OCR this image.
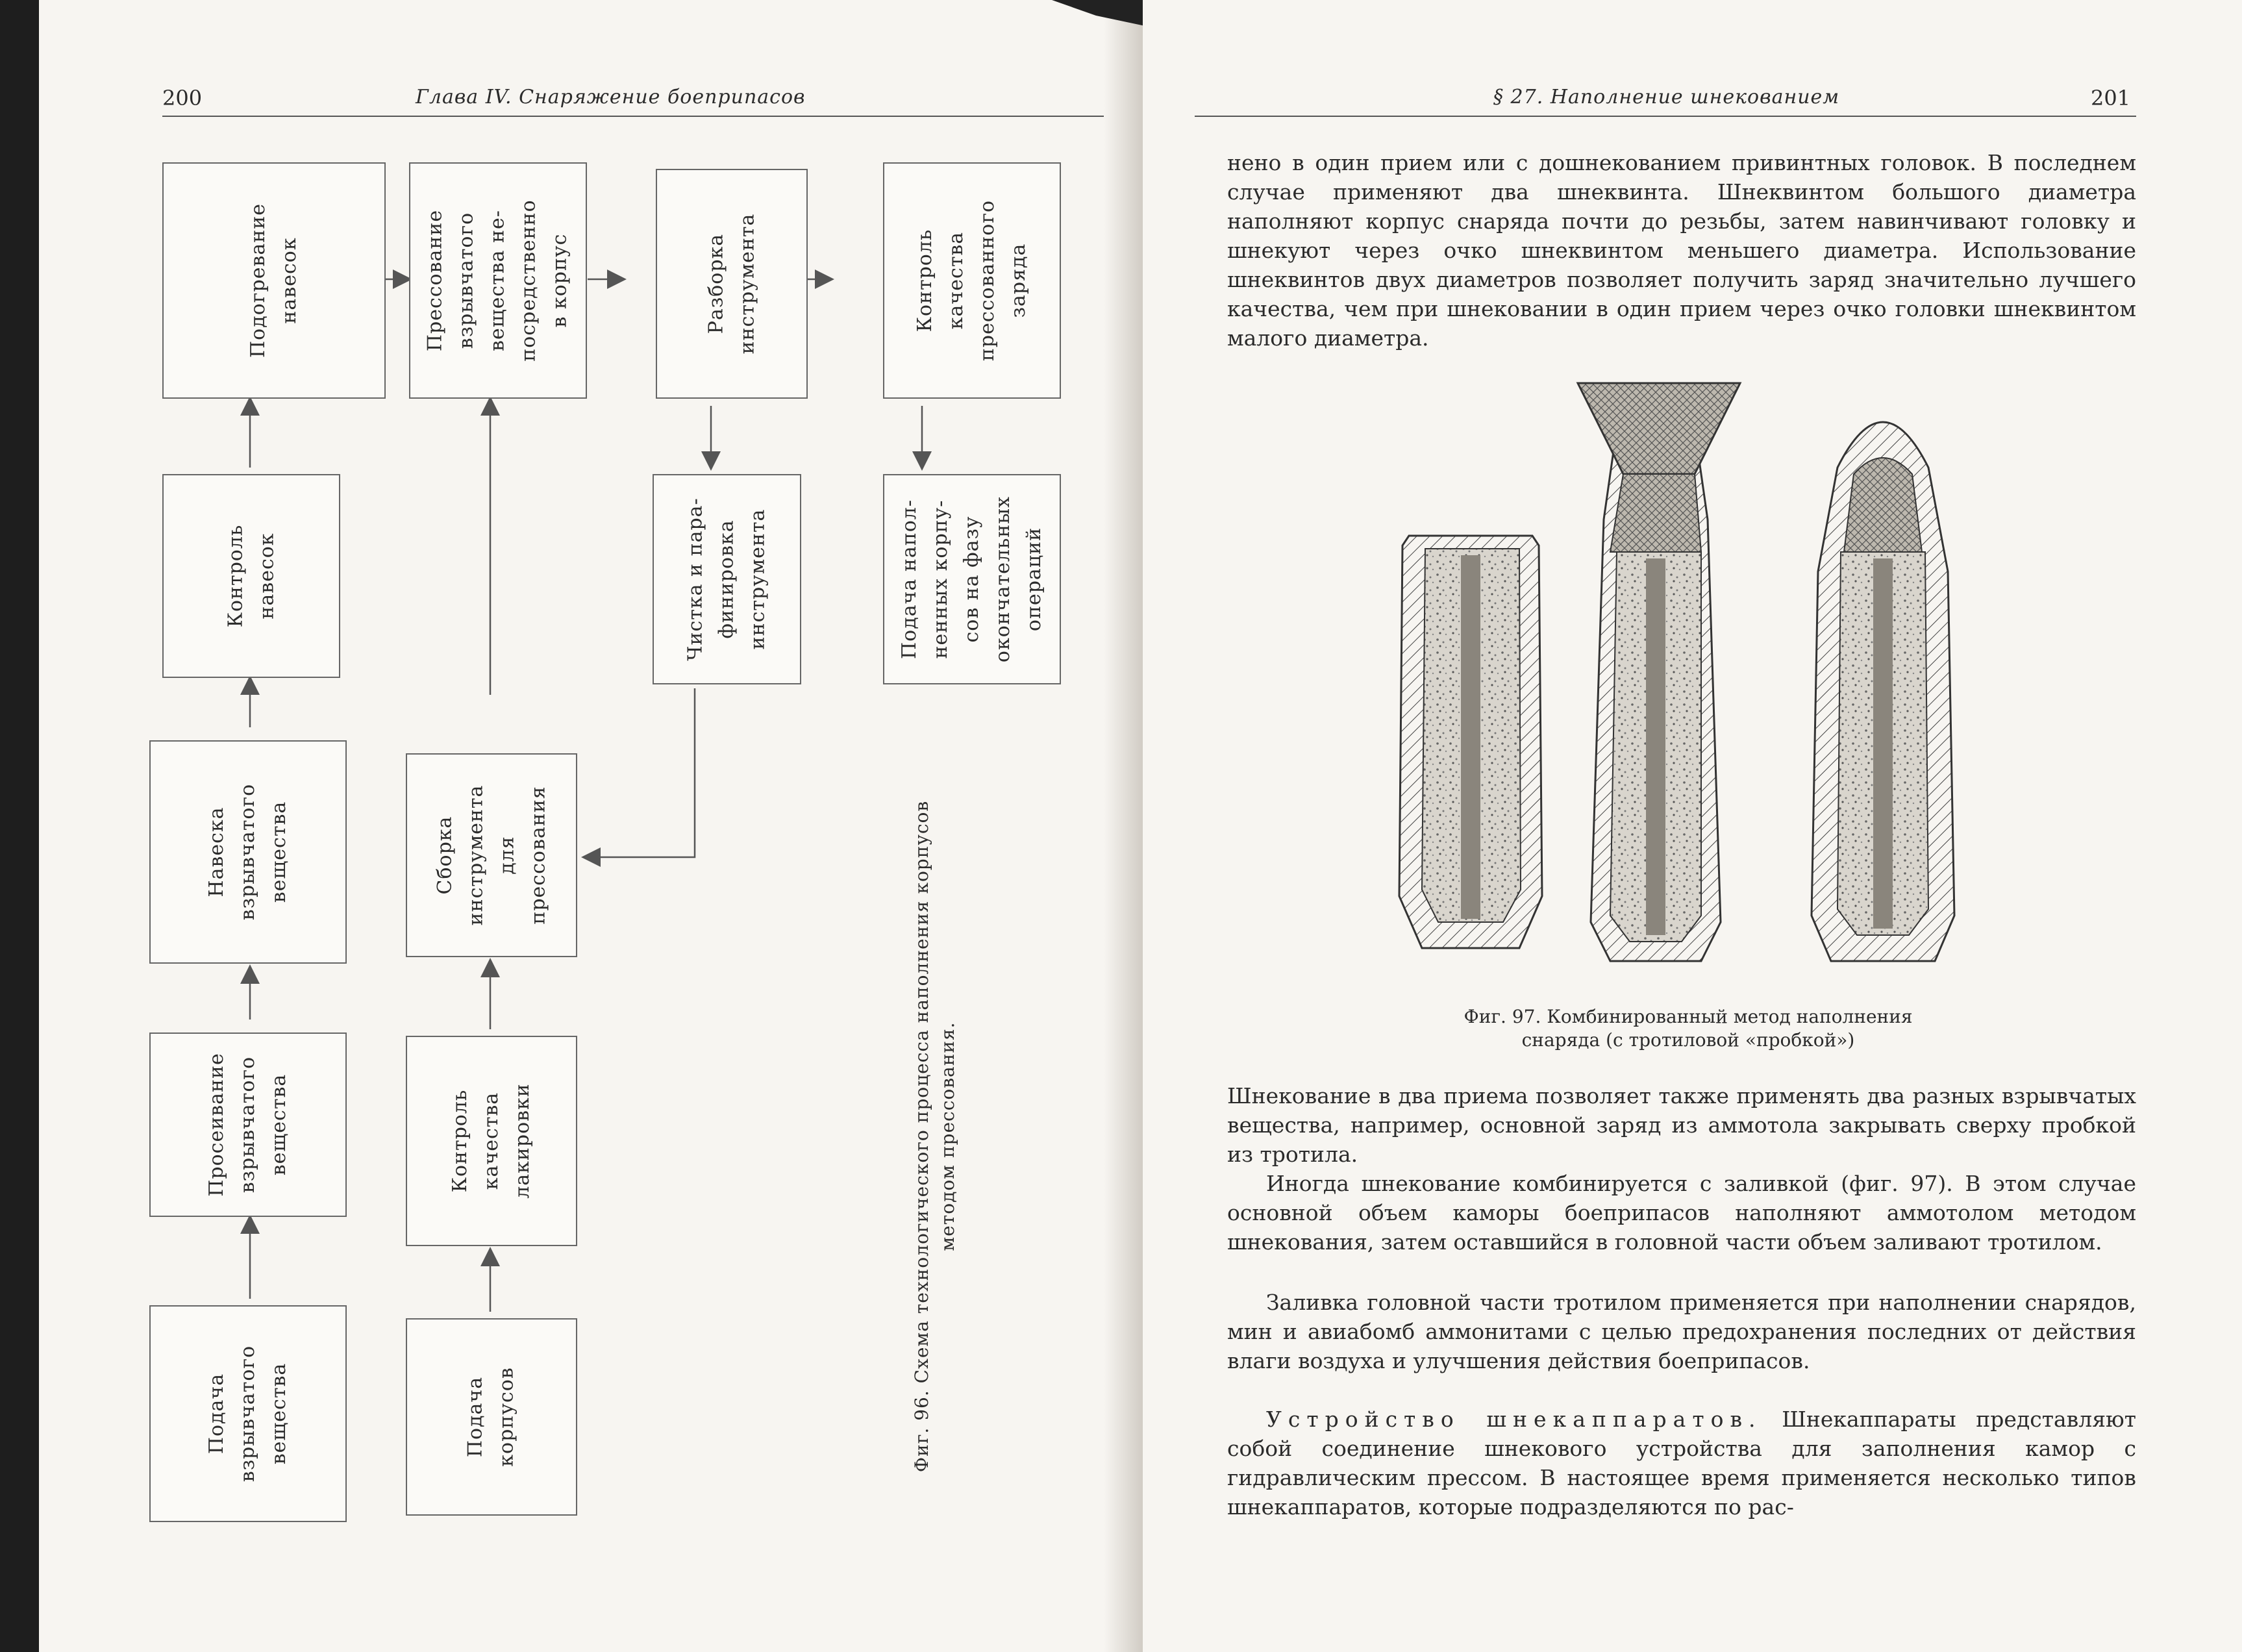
200	Глава IV. Снаряжение боеприпасов
Подача
взрывчатого
вещества
Просеивание
взрывчатого
вещества
Навеска
взрывчатого
вещества
Контроль
навесок
Подогревание
навесок
Подача
корпусов
Контроль
качества
лакировки
Сборка
инструмента
для
прессования
Прессование
взрывчатого
вещества не-
посредственно
в корпус
Чистка и пара-
финировка
инструмента
Разборка
инструмента
Подача напол-
ненных корпу-
сов на фазу
окончательных
операций
Контроль
качества
прессованного
заряда
Фиг. 96. Схема технологического процесса наполнения корпусов
методом прессования.
§ 27. Наполнение шнекованием	201
нено в один прием или с дошнекованием привинтных головок. В последнем случае применяют два шнеквинта. Шнеквинтом большого диаметра наполняют корпус снаряда почти до резьбы, затем навинчивают головку и шнекуют через очко шнеквинтом меньшего диаметра. Использование шнеквинтов двух диаметров позволяет получить заряд значительно лучшего качества, чем при шнековании в один прием через очко головки шнеквинтом малого диаметра.
Шнекование в два приема позволяет также применять два разных взрывчатых вещества, например, основной заряд из аммотола закрывать сверху пробкой из тротила.
Иногда шнекование комбинируется с заливкой (фиг. 97). В этом случае основной объем каморы боеприпасов наполняют аммотолом методом шнекования, затем оставшийся в головной части объем заливают тротилом.
Заливка головной части тротилом применяется при наполнении снарядов, мин и авиабомб аммонитами с целью предохранения последних от действия влаги воздуха и улучшения действия боеприпасов.
Устройство шнекаппаратов. Шнекаппараты представляют собой соединение шнекового устройства для заполнения камор с гидравлическим прессом. В настоящее время применяется несколько типов шнекаппаратов, которые подразделяются по рас-
Фиг. 97. Комбинированный метод наполнения
снаряда (с тротиловой «пробкой»)
